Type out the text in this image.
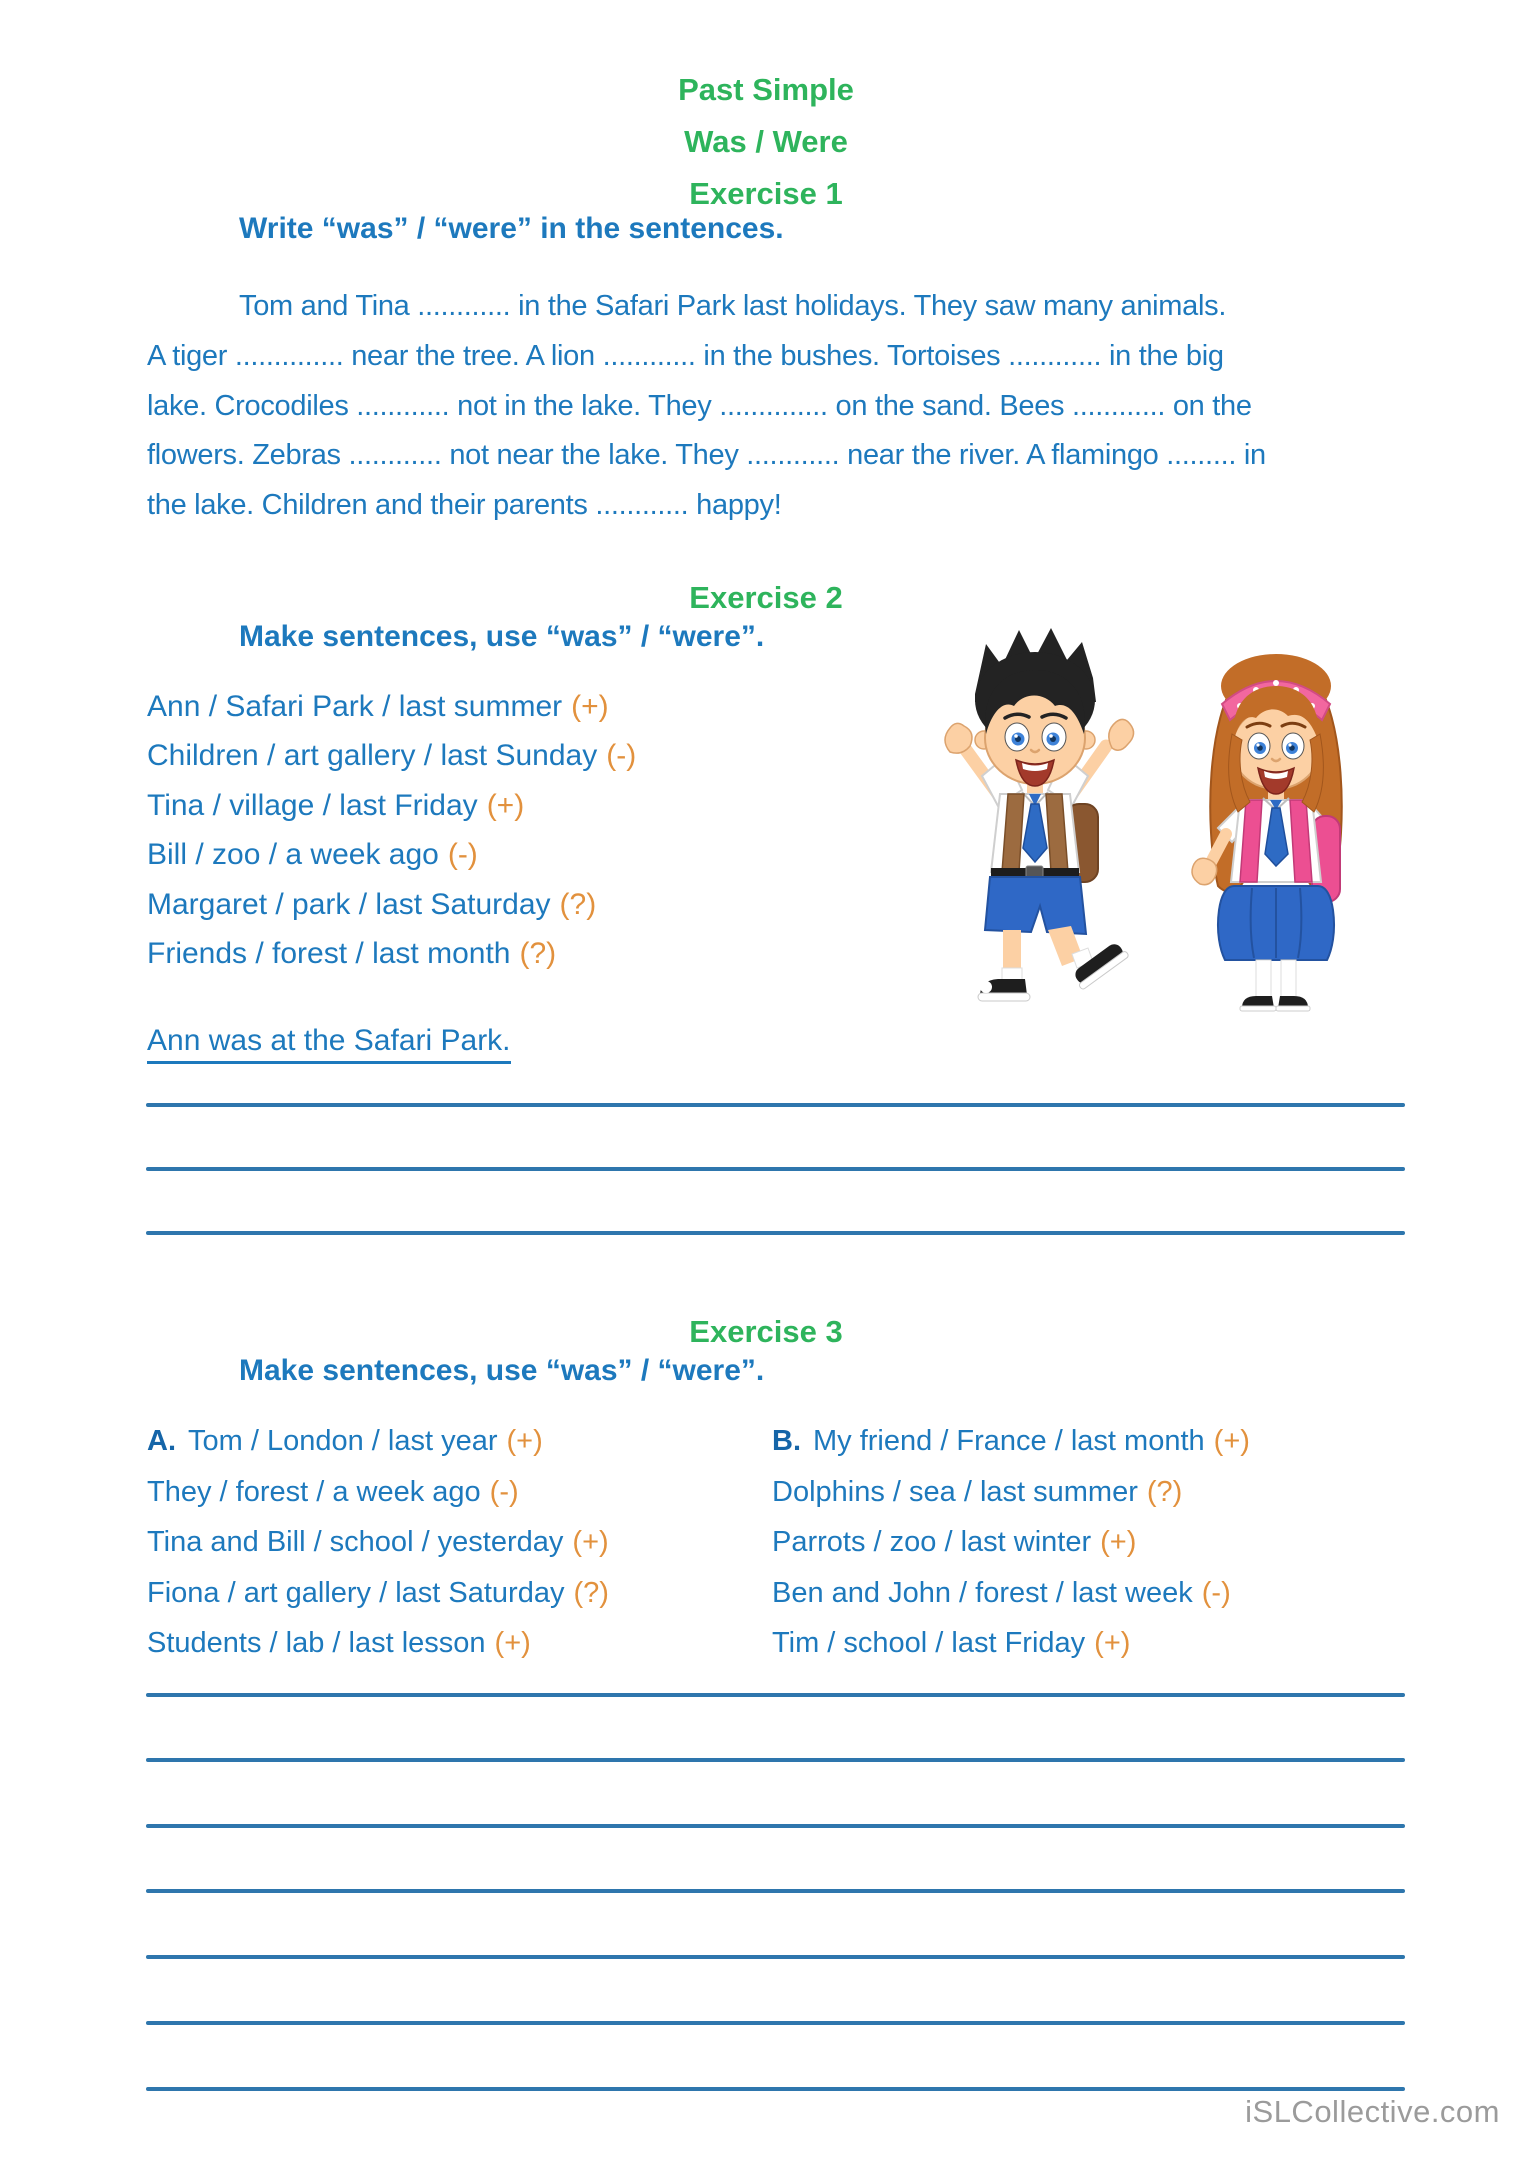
Past Simple
Was / Were
Exercise 1
Write “was” / “were” in the sentences.
Tom and Tina ............ in the Safari Park last holidays. They saw many animals.
A tiger .............. near the tree. A lion ............ in the bushes. Tortoises ............ in the big
lake. Crocodiles ............ not in the lake. They .............. on the sand. Bees ............ on the
flowers. Zebras ............ not near the lake. They ............ near the river. A flamingo ......... in
the lake. Children and their parents ............ happy!
Exercise 2
Make sentences, use “was” / “were”.
Ann / Safari Park / last summer (+)
Children / art gallery / last Sunday (-)
Tina / village / last Friday (+)
Bill / zoo / a week ago (-)
Margaret / park / last Saturday (?)
Friends / forest / last month (?)
Ann was at the Safari Park.
Exercise 3
Make sentences, use “was” / “were”.
A. Tom / London / last year (+)
They / forest / a week ago (-)
Tina and Bill / school / yesterday (+)
Fiona / art gallery / last Saturday (?)
Students / lab / last lesson (+)
B. My friend / France / last month (+)
Dolphins / sea / last summer (?)
Parrots / zoo / last winter (+)
Ben and John / forest / last week (-)
Tim / school / last Friday (+)
iSLCollective.com
